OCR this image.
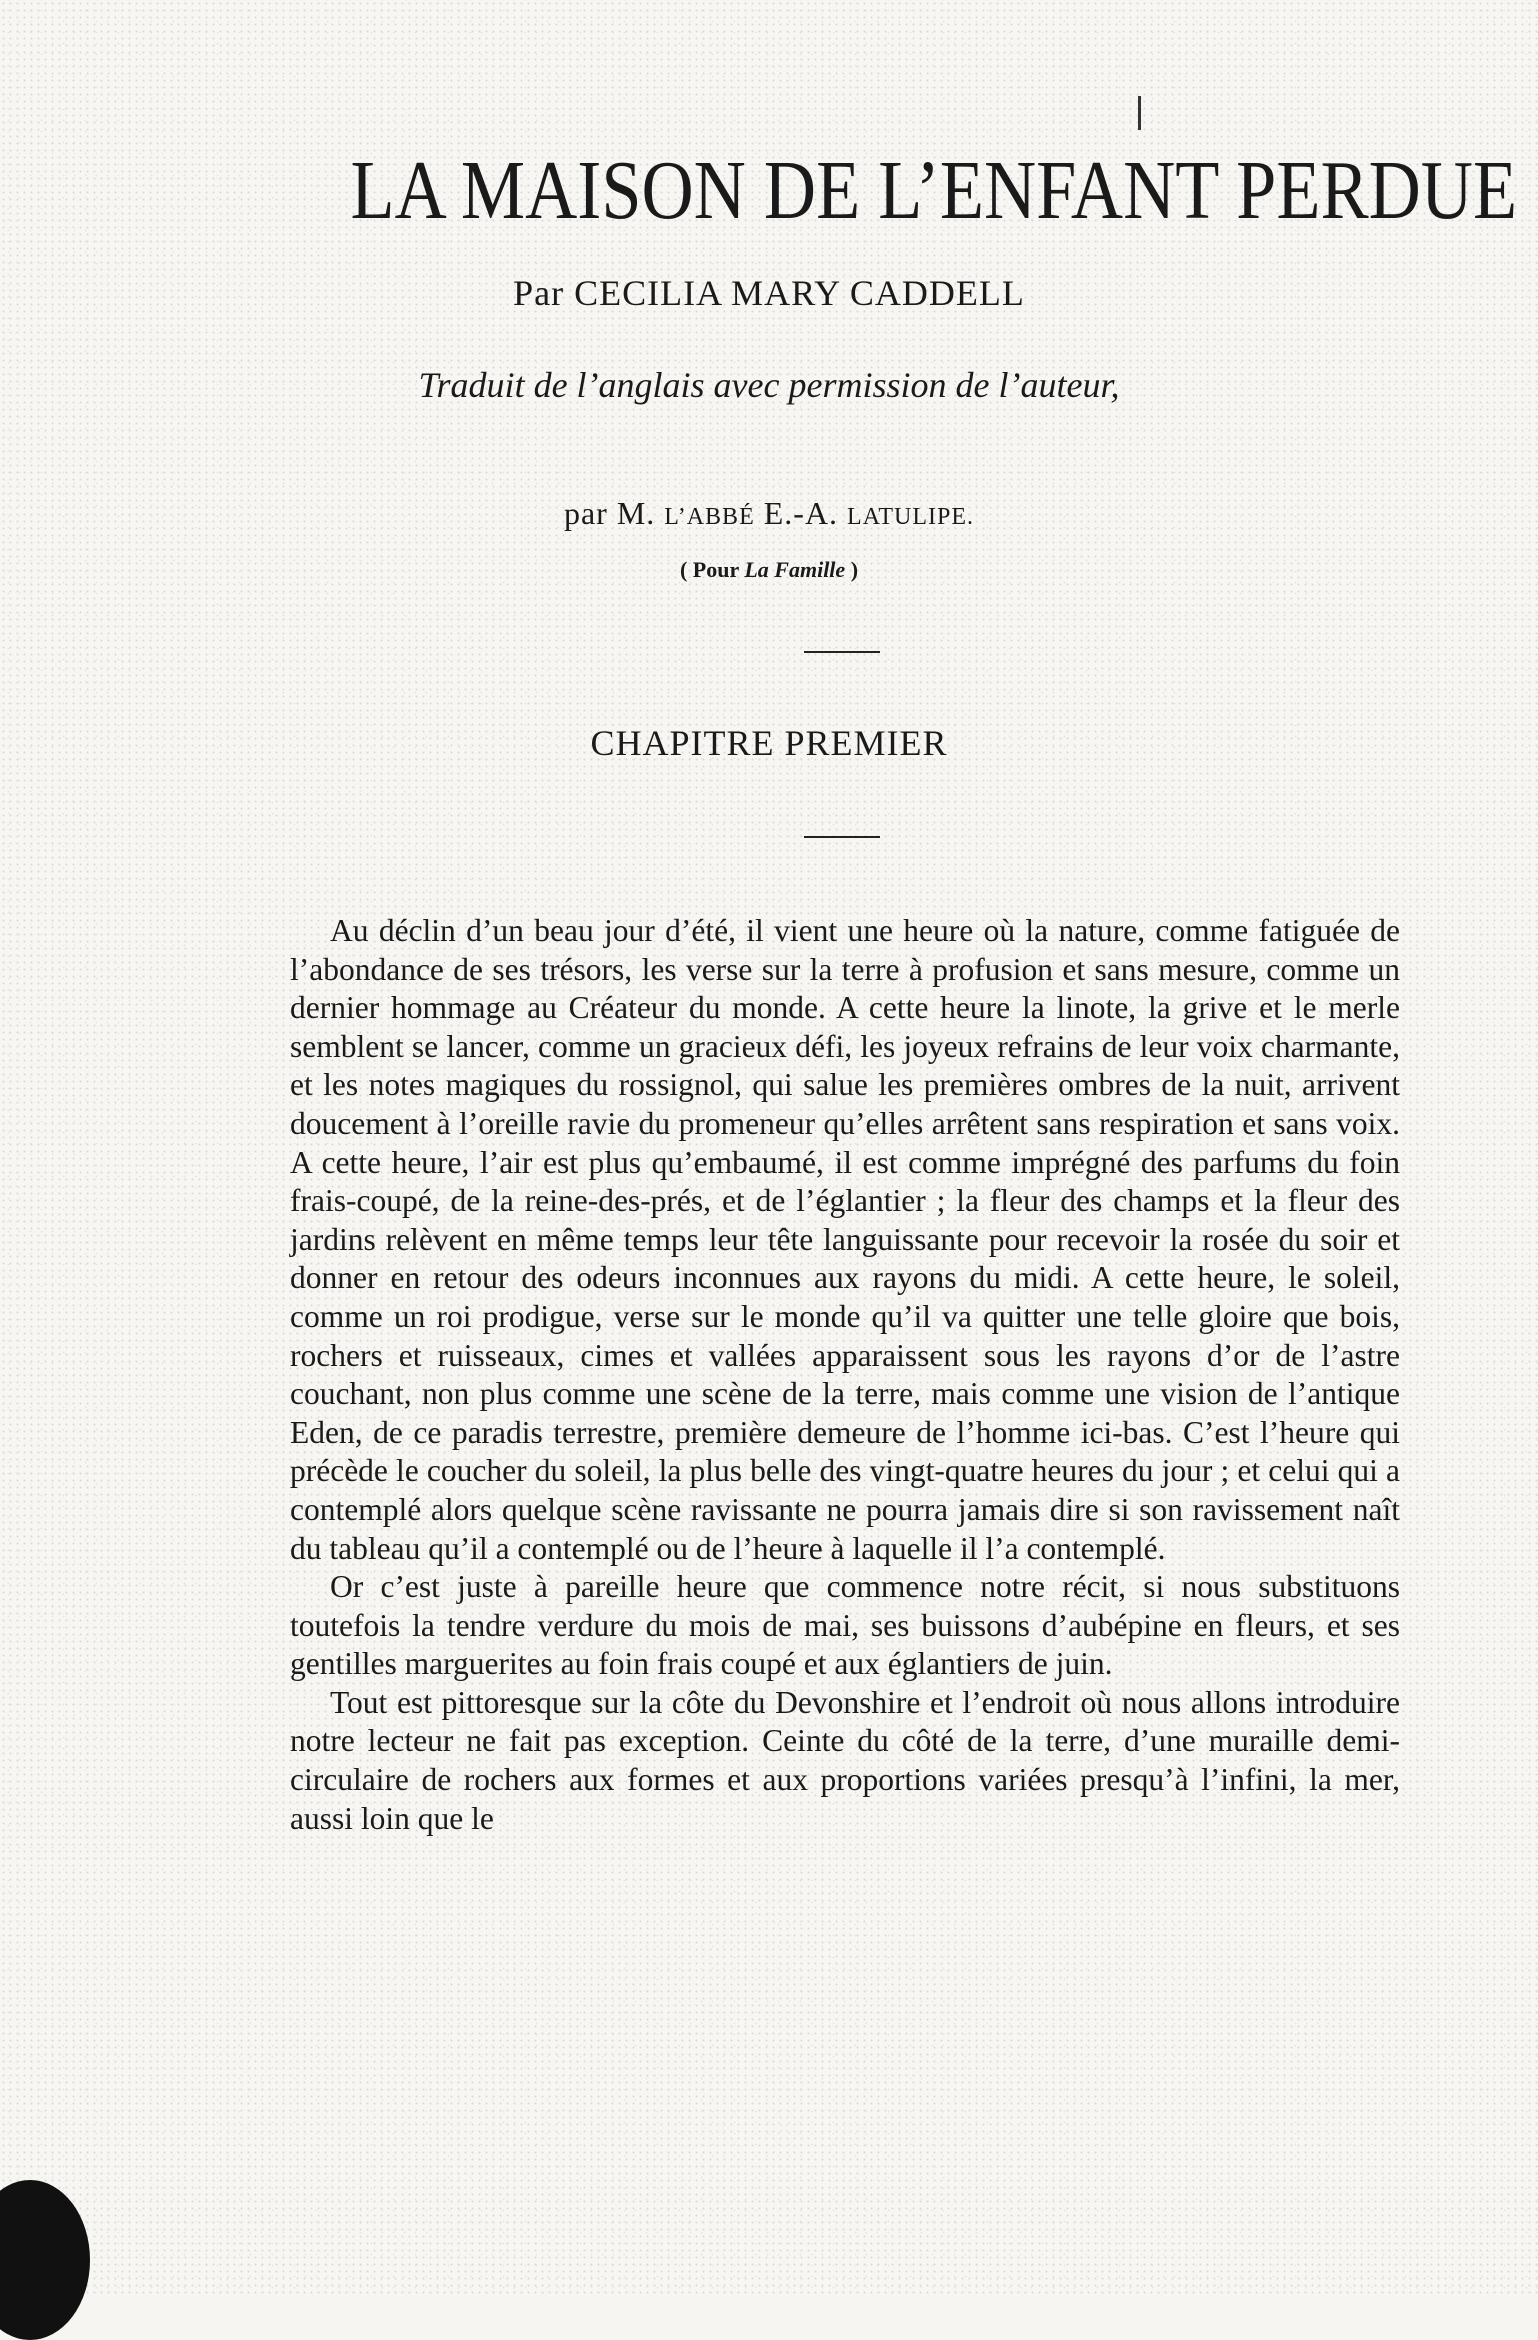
LA MAISON DE L’ENFANT PERDUE
Par CECILIA MARY CADDELL
Traduit de l’anglais avec permission de l’auteur,
par M. L’ABBÉ E.-A. LATULIPE.
( Pour La Famille )
CHAPITRE PREMIER

Au déclin d’un beau jour d’été, il vient une heure où la nature, comme fatiguée de l’abondance de ses trésors, les verse sur la terre à profusion et sans mesure, comme un dernier hommage au Créateur du monde. A cette heure la linote, la grive et le merle semblent se lancer, comme un gracieux défi, les joyeux refrains de leur voix charmante, et les notes magiques du rossignol, qui salue les premières ombres de la nuit, arrivent doucement à l’oreille ravie du promeneur qu’elles arrêtent sans respiration et sans voix. A cette heure, l’air est plus qu’embaumé, il est comme imprégné des parfums du foin frais-coupé, de la reine-des-prés, et de l’églantier ; la fleur des champs et la fleur des jardins relèvent en même temps leur tête languissante pour recevoir la rosée du soir et donner en retour des odeurs inconnues aux rayons du midi. A cette heure, le soleil, comme un roi prodigue, verse sur le monde qu’il va quitter une telle gloire que bois, rochers et ruisseaux, cimes et vallées apparaissent sous les rayons d’or de l’astre couchant, non plus comme une scène de la terre, mais comme une vision de l’antique Eden, de ce paradis terrestre, première demeure de l’homme ici-bas. C’est l’heure qui précède le coucher du soleil, la plus belle des vingt-quatre heures du jour ; et celui qui a contemplé alors quelque scène ravissante ne pourra jamais dire si son ravissement naît du tableau qu’il a contemplé ou de l’heure à laquelle il l’a contemplé.

Or c’est juste à pareille heure que commence notre récit, si nous substituons toutefois la tendre verdure du mois de mai, ses buissons d’aubépine en fleurs, et ses gentilles marguerites au foin frais coupé et aux églantiers de juin.

Tout est pittoresque sur la côte du Devonshire et l’endroit où nous allons introduire notre lecteur ne fait pas exception. Ceinte du côté de la terre, d’une muraille demi-circulaire de rochers aux formes et aux proportions variées presqu’à l’infini, la mer, aussi loin que le
